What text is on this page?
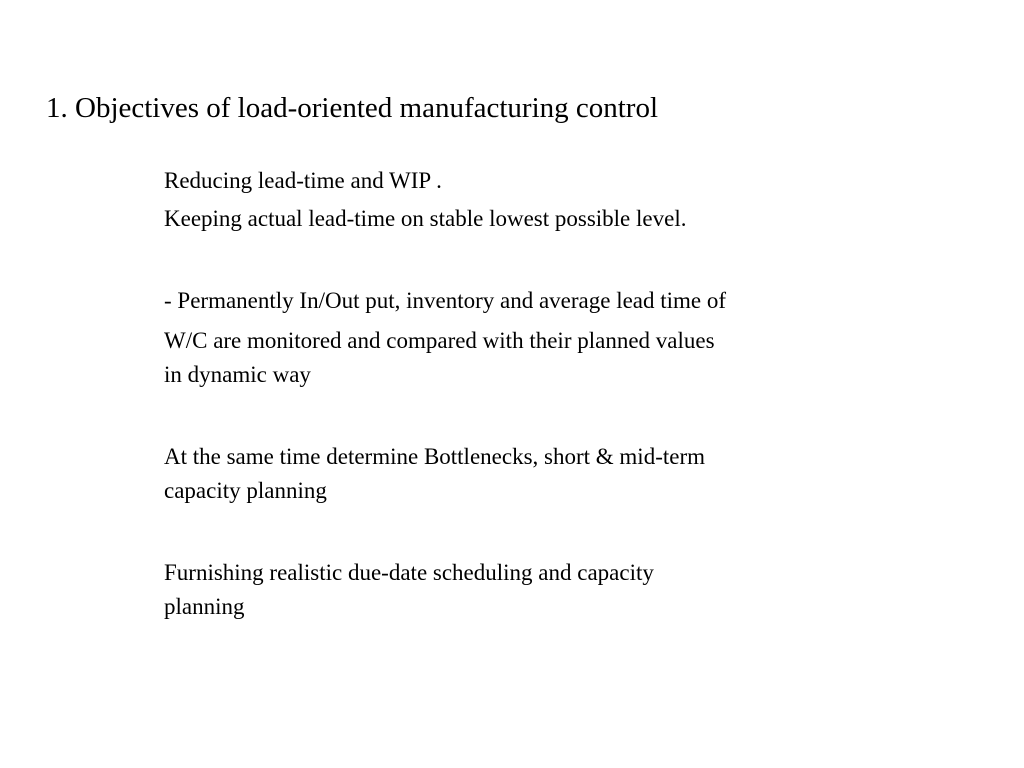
1. Objectives of load-oriented manufacturing control

Reducing lead-time and WIP .

Keeping actual lead-time on stable lowest possible level.

- Permanently In/Out put, inventory and average lead time of

W/C are monitored and compared with their planned values

in dynamic way

At the same time determine Bottlenecks, short & mid-term

capacity planning

Furnishing realistic due-date scheduling and capacity

planning
